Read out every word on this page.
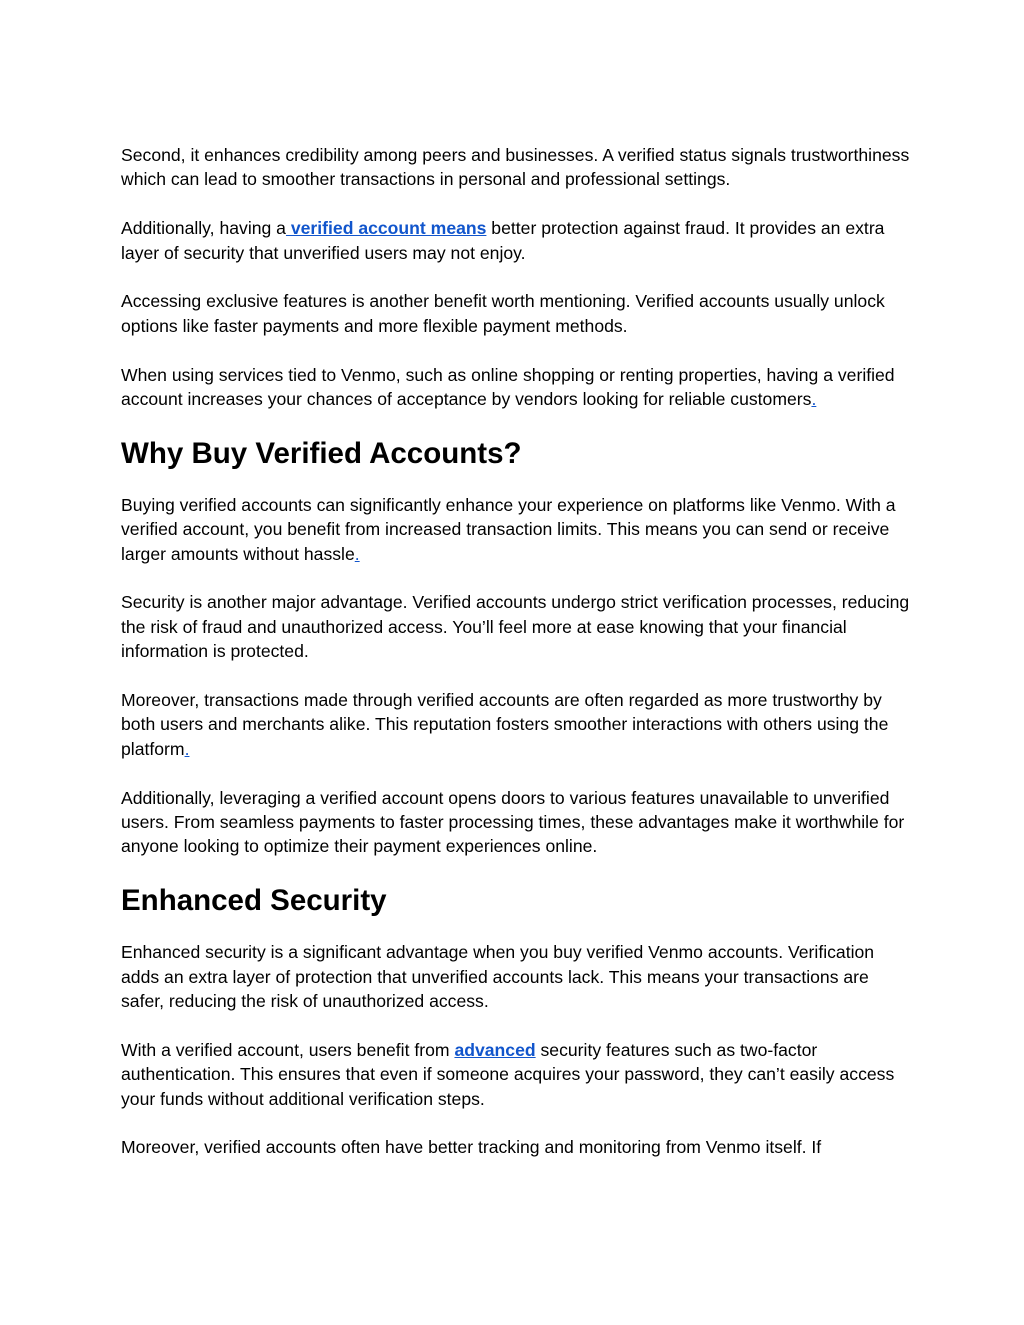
Second, it enhances credibility among peers and businesses. A verified status signals trustworthiness which can lead to smoother transactions in personal and professional settings.

Additionally, having a verified account means better protection against fraud. It provides an extra layer of security that unverified users may not enjoy.

Accessing exclusive features is another benefit worth mentioning. Verified accounts usually unlock options like faster payments and more flexible payment methods.

When using services tied to Venmo, such as online shopping or renting properties, having a verified account increases your chances of acceptance by vendors looking for reliable customers.

Why Buy Verified Accounts?

Buying verified accounts can significantly enhance your experience on platforms like Venmo. With a verified account, you benefit from increased transaction limits. This means you can send or receive larger amounts without hassle.

Security is another major advantage. Verified accounts undergo strict verification processes, reducing the risk of fraud and unauthorized access. You’ll feel more at ease knowing that your financial information is protected.

Moreover, transactions made through verified accounts are often regarded as more trustworthy by both users and merchants alike. This reputation fosters smoother interactions with others using the platform.

Additionally, leveraging a verified account opens doors to various features unavailable to unverified users. From seamless payments to faster processing times, these advantages make it worthwhile for anyone looking to optimize their payment experiences online.

Enhanced Security

Enhanced security is a significant advantage when you buy verified Venmo accounts. Verification adds an extra layer of protection that unverified accounts lack. This means your transactions are safer, reducing the risk of unauthorized access.

With a verified account, users benefit from advanced security features such as two-factor authentication. This ensures that even if someone acquires your password, they can’t easily access your funds without additional verification steps.

Moreover, verified accounts often have better tracking and monitoring from Venmo itself. If
